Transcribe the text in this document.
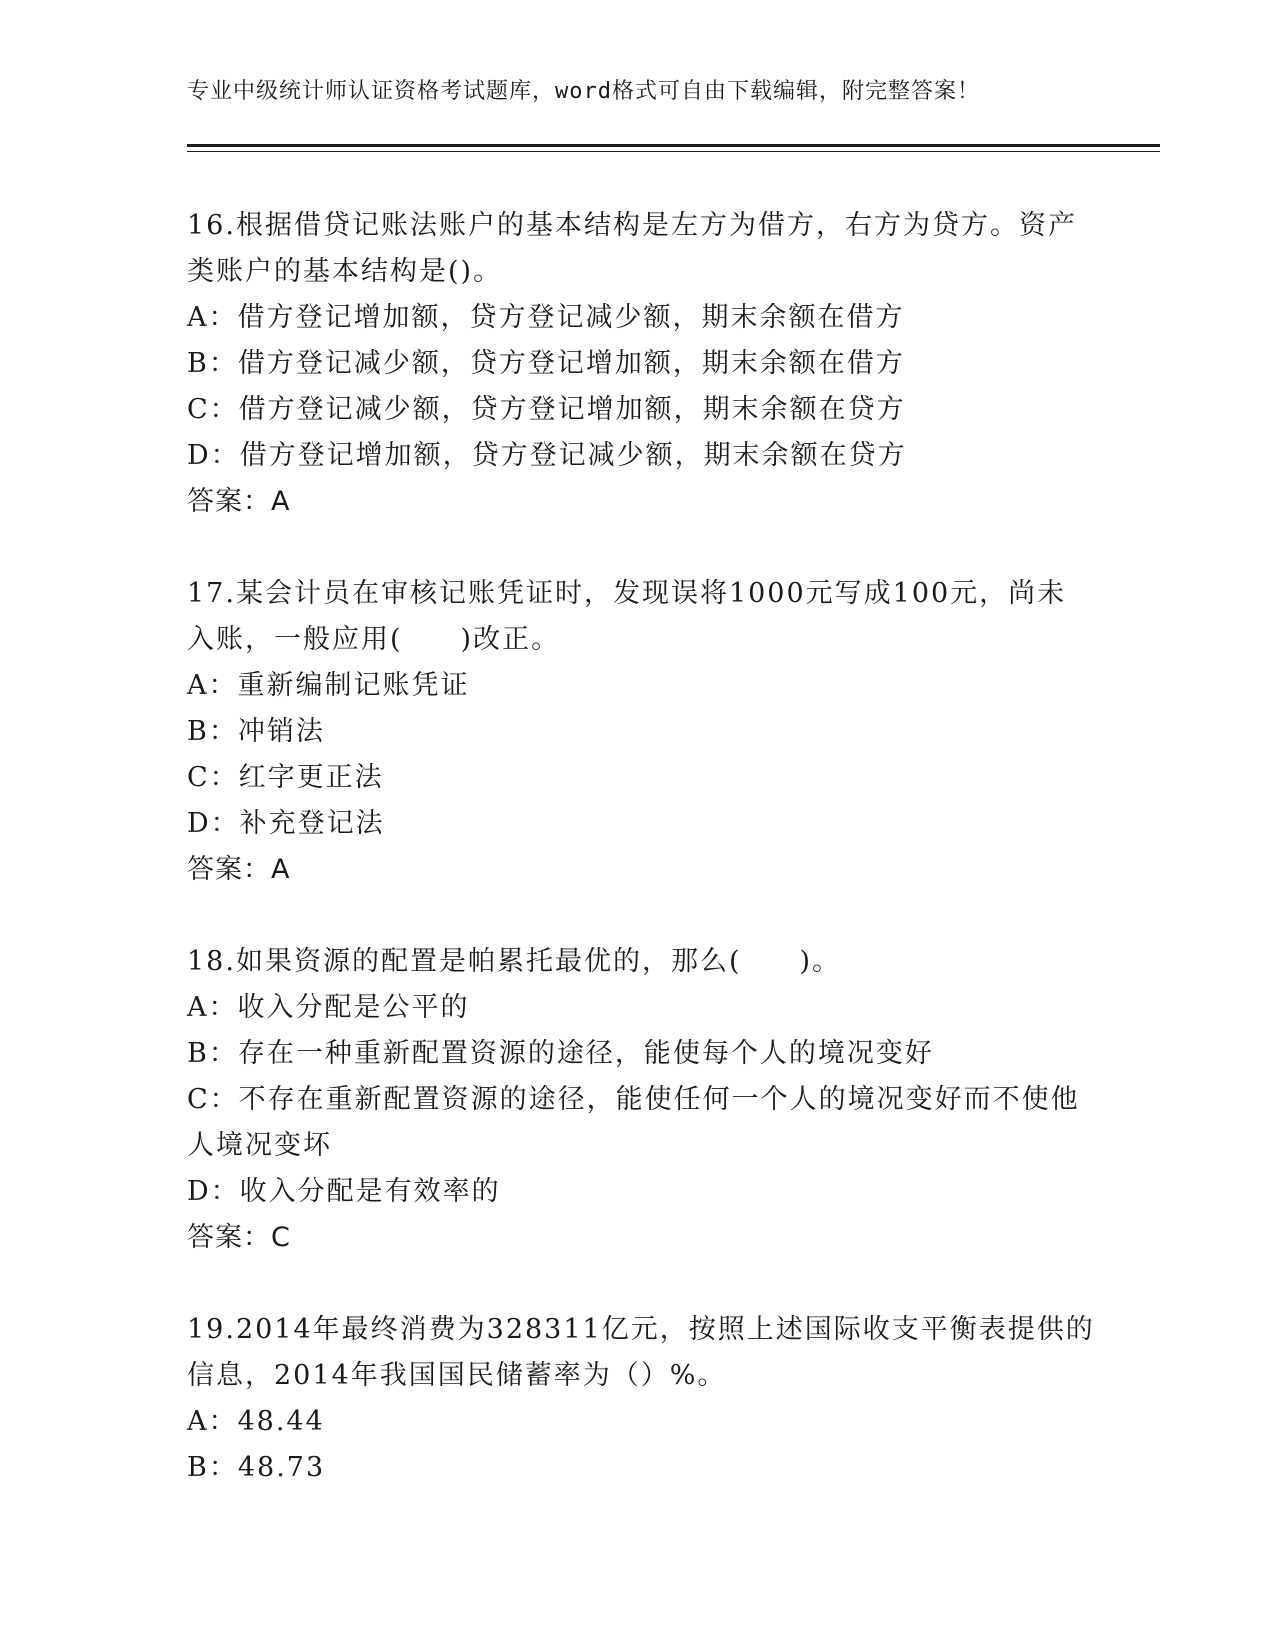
专业中级统计师认证资格考试题库，word格式可自由下载编辑，附完整答案！
16.根据借贷记账法账户的基本结构是左方为借方，右方为贷方。资产
类账户的基本结构是()。
A：借方登记增加额，贷方登记减少额，期末余额在借方
B：借方登记减少额，贷方登记增加额，期末余额在借方
C：借方登记减少额，贷方登记增加额，期末余额在贷方
D：借方登记增加额，贷方登记减少额，期末余额在贷方
答案：A
17.某会计员在审核记账凭证时，发现误将1000元写成100元，尚未
入账，一般应用(　　)改正。
A：重新编制记账凭证
B：冲销法
C：红字更正法
D：补充登记法
答案：A
18.如果资源的配置是帕累托最优的，那么(　　)。
A：收入分配是公平的
B：存在一种重新配置资源的途径，能使每个人的境况变好
C：不存在重新配置资源的途径，能使任何一个人的境况变好而不使他
人境况变坏
D：收入分配是有效率的
答案：C
19.2014年最终消费为328311亿元，按照上述国际收支平衡表提供的
信息，2014年我国国民储蓄率为（）%。
A：48.44
B：48.73
